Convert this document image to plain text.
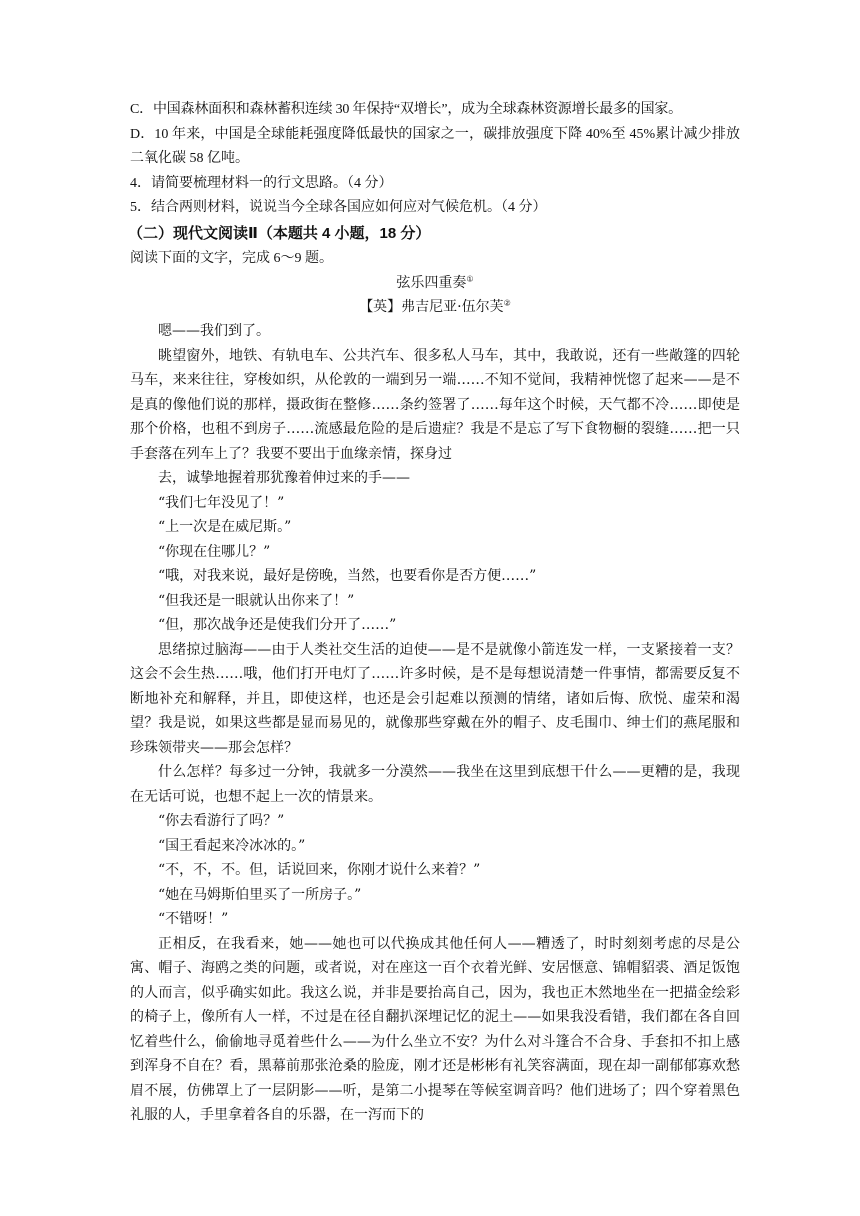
C．中国森林面积和森林蓄积连续 30 年保持“双增长”，成为全球森林资源增长最多的国家。

D．10 年来，中国是全球能耗强度降低最快的国家之一，碳排放强度下降 40%至 45%累计减少排放二氧化碳 58 亿吨。

4．请简要梳理材料一的行文思路。（4 分）

5．结合两则材料，说说当今全球各国应如何应对气候危机。（4 分）

（二）现代文阅读Ⅱ（本题共 4 小题，18 分）

阅读下面的文字，完成 6～9 题。

弦乐四重奏①

【英】弗吉尼亚·伍尔芙②

嗯——我们到了。

眺望窗外，地铁、有轨电车、公共汽车、很多私人马车，其中，我敢说，还有一些敞篷的四轮马车，来来往往，穿梭如织，从伦敦的一端到另一端……不知不觉间，我精神恍惚了起来——是不是真的像他们说的那样，摄政街在整修……条约签署了……每年这个时候，天气都不冷……即使是那个价格，也租不到房子……流感最危险的是后遗症？我是不是忘了写下食物橱的裂缝……把一只手套落在列车上了？我要不要出于血缘亲情，探身过

去，诚挚地握着那犹豫着伸过来的手——

“我们七年没见了！”

“上一次是在威尼斯。”

“你现在住哪儿？”

“哦，对我来说，最好是傍晚，当然，也要看你是否方便……”

“但我还是一眼就认出你来了！”

“但，那次战争还是使我们分开了……”

思绪掠过脑海——由于人类社交生活的迫使——是不是就像小箭连发一样，一支紧接着一支？这会不会生热……哦，他们打开电灯了……许多时候，是不是每想说清楚一件事情，都需要反复不断地补充和解释，并且，即使这样，也还是会引起难以预测的情绪，诸如后悔、欣悦、虚荣和渴望？我是说，如果这些都是显而易见的，就像那些穿戴在外的帽子、皮毛围巾、绅士们的燕尾服和珍珠领带夹——那会怎样？

什么怎样？每多过一分钟，我就多一分漠然——我坐在这里到底想干什么——更糟的是，我现在无话可说，也想不起上一次的情景来。

“你去看游行了吗？”

“国王看起来冷冰冰的。”

“不，不，不。但，话说回来，你刚才说什么来着？”

“她在马姆斯伯里买了一所房子。”

“不错呀！”

正相反，在我看来，她——她也可以代换成其他任何人——糟透了，时时刻刻考虑的尽是公寓、帽子、海鸥之类的问题，或者说，对在座这一百个衣着光鲜、安居惬意、锦帽貂裘、酒足饭饱的人而言，似乎确实如此。我这么说，并非是要抬高自己，因为，我也正木然地坐在一把描金绘彩的椅子上，像所有人一样，不过是在径自翻扒深埋记忆的泥土——如果我没看错，我们都在各自回忆着些什么，偷偷地寻觅着些什么——为什么坐立不安？为什么对斗篷合不合身、手套扣不扣上感到浑身不自在？看，黑幕前那张沧桑的脸庞，刚才还是彬彬有礼笑容满面，现在却一副郁郁寡欢愁眉不展，仿佛罩上了一层阴影——听，是第二小提琴在等候室调音吗？他们进场了；四个穿着黑色礼服的人，手里拿着各自的乐器，在一泻而下的
